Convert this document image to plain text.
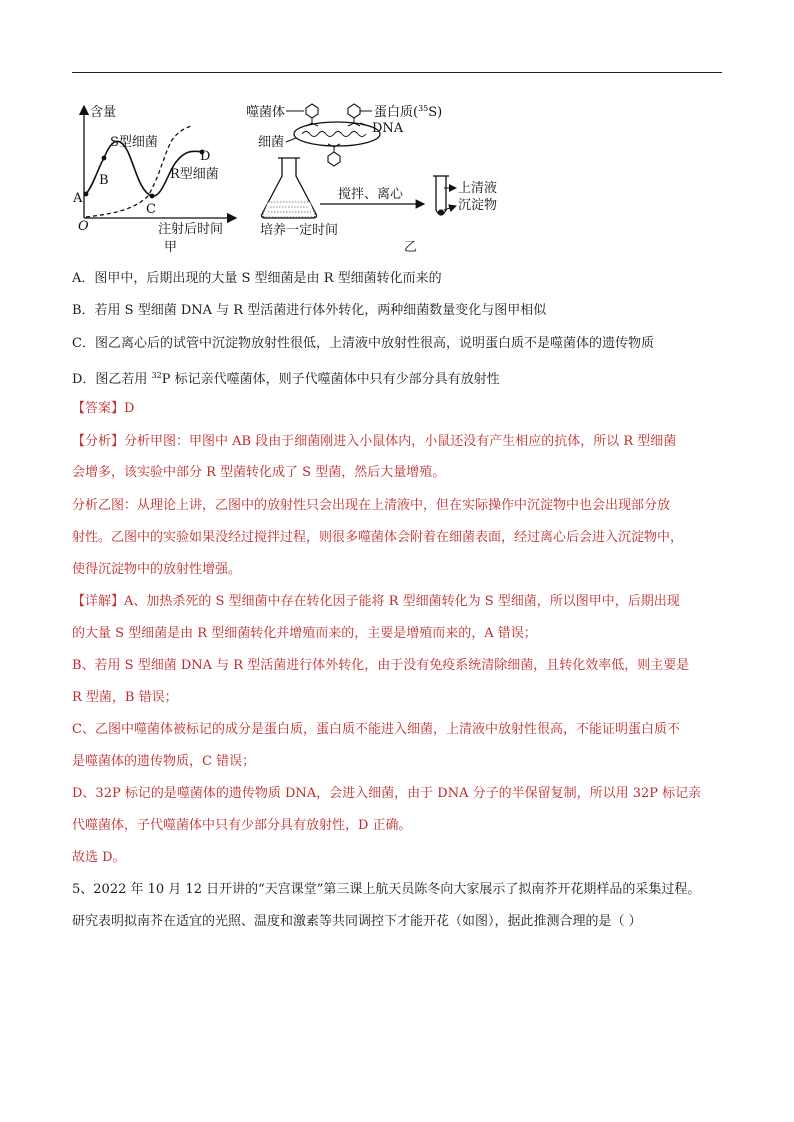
含量
O	注射后时间
甲
A
B
C
D
S型细菌
R型细菌
噬菌体	蛋白质($^{35}$S)
DNA
细菌
培养一定时间
搅拌、离心	上清液
沉淀物
乙
A．图甲中，后期出现的大量 S 型细菌是由 R 型细菌转化而来的
B．若用 S 型细菌 DNA 与 R 型活菌进行体外转化，两种细菌数量变化与图甲相似
C．图乙离心后的试管中沉淀物放射性很低，上清液中放射性很高，说明蛋白质不是噬菌体的遗传物质
D．图乙若用 $^{32}$P 标记亲代噬菌体，则子代噬菌体中只有少部分具有放射性
【答案】D
【分析】分析甲图：甲图中 AB 段由于细菌刚进入小鼠体内，小鼠还没有产生相应的抗体，所以 R 型细菌
会增多，该实验中部分 R 型菌转化成了 S 型菌，然后大量增殖。
分析乙图：从理论上讲，乙图中的放射性只会出现在上清液中，但在实际操作中沉淀物中也会出现部分放
射性。乙图中的实验如果没经过搅拌过程，则很多噬菌体会附着在细菌表面，经过离心后会进入沉淀物中，
使得沉淀物中的放射性增强。
【详解】A、加热杀死的 S 型细菌中存在转化因子能将 R 型细菌转化为 S 型细菌，所以图甲中，后期出现
的大量 S 型细菌是由 R 型细菌转化并增殖而来的，主要是增殖而来的，A 错误；
B、若用 S 型细菌 DNA 与 R 型活菌进行体外转化，由于没有免疫系统清除细菌，且转化效率低，则主要是
R 型菌，B 错误；
C、乙图中噬菌体被标记的成分是蛋白质，蛋白质不能进入细菌，上清液中放射性很高，不能证明蛋白质不
是噬菌体的遗传物质，C 错误；
D、32P 标记的是噬菌体的遗传物质 DNA，会进入细菌，由于 DNA 分子的半保留复制，所以用 32P 标记亲
代噬菌体，子代噬菌体中只有少部分具有放射性，D 正确。
故选 D。
5、2022 年 10 月 12 日开讲的“天宫课堂”第三课上航天员陈冬向大家展示了拟南芥开花期样品的采集过程。
研究表明拟南芥在适宜的光照、温度和激素等共同调控下才能开花（如图），据此推测合理的是（ ）
